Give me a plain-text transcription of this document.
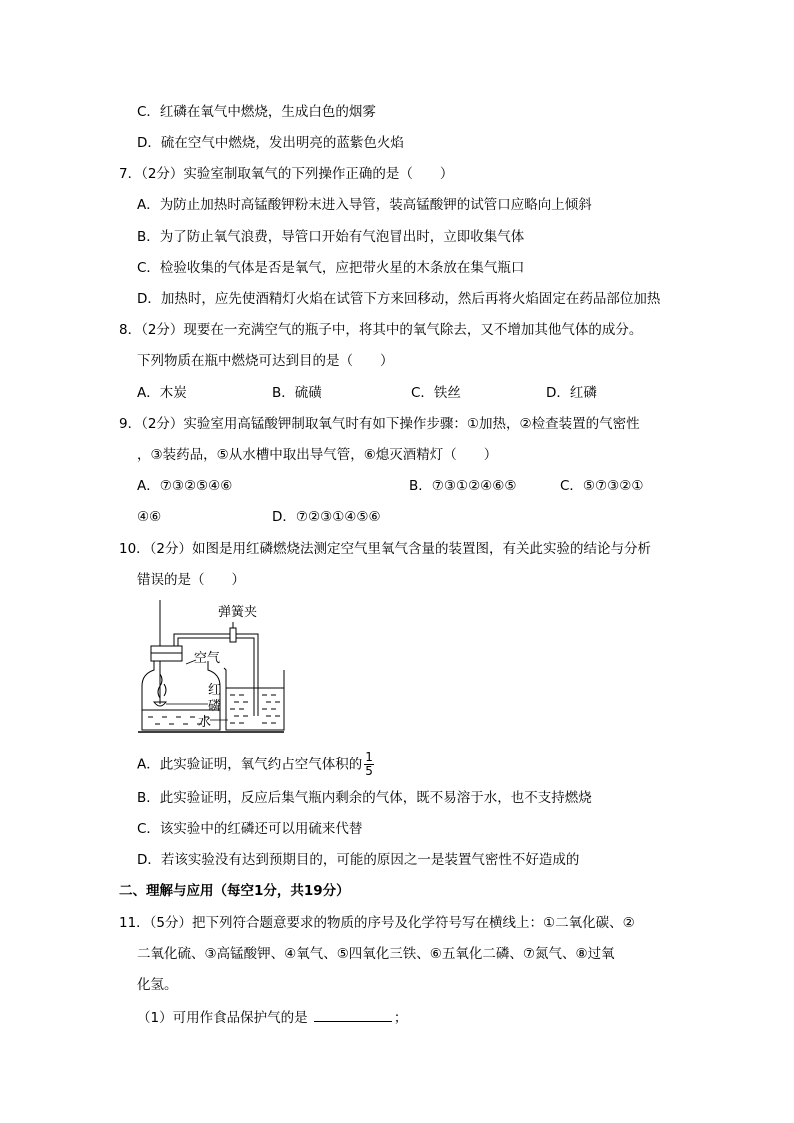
C．红磷在氧气中燃烧，生成白色的烟雾
D．硫在空气中燃烧，发出明亮的蓝紫色火焰
7．（2分）实验室制取氧气的下列操作正确的是（　　）
A．为防止加热时高锰酸钾粉末进入导管，装高锰酸钾的试管口应略向上倾斜
B．为了防止氧气浪费，导管口开始有气泡冒出时，立即收集气体
C．检验收集的气体是否是氧气，应把带火星的木条放在集气瓶口
D．加热时，应先使酒精灯火焰在试管下方来回移动，然后再将火焰固定在药品部位加热
8．（2分）现要在一充满空气的瓶子中，将其中的氧气除去，又不增加其他气体的成分。
下列物质在瓶中燃烧可达到目的是（　　）
A．木炭	B．硫磺	C．铁丝	D．红磷
9．（2分）实验室用高锰酸钾制取氧气时有如下操作步骤：①加热，②检查装置的气密性
，③装药品，⑤从水槽中取出导气管，⑥熄灭酒精灯（　　）
A．⑦③②⑤④⑥	B．⑦③①②④⑥⑤	C．⑤⑦③②①
④⑥	D．⑦②③①④⑤⑥
10．（2分）如图是用红磷燃烧法测定空气里氧气含量的装置图，有关此实验的结论与分析
错误的是（　　）
弹簧夹
空气
红
磷
水
A．此实验证明，氧气约占空气体积的 $\frac{1}{5}$
B．此实验证明，反应后集气瓶内剩余的气体，既不易溶于水，也不支持燃烧
C．该实验中的红磷还可以用硫来代替
D．若该实验没有达到预期目的，可能的原因之一是装置气密性不好造成的
二、理解与应用（每空1分，共19分）
11．（5分）把下列符合题意要求的物质的序号及化学符号写在横线上：①二氧化碳、②
二氧化硫、③高锰酸钾、④氧气、⑤四氧化三铁、⑥五氧化二磷、⑦氮气、⑧过氧
化氢。
（1）可用作食品保护气的是	；
